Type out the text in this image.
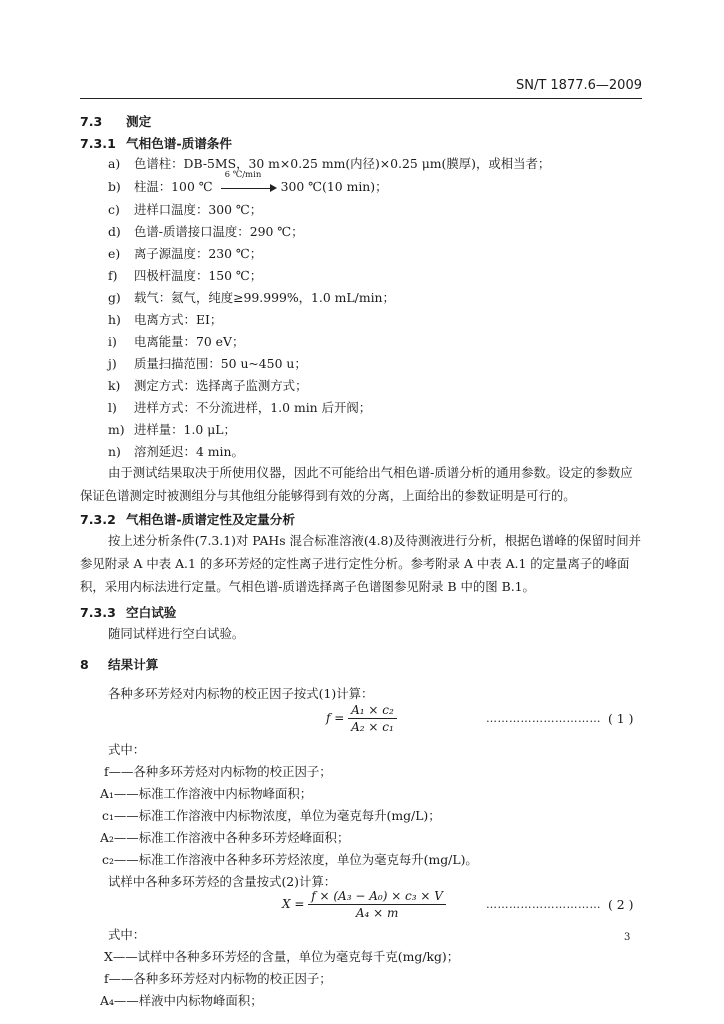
SN/T 1877.6—2009
7.3 测定
7.3.1 气相色谱-质谱条件
a) 色谱柱：DB-5MS，30 m×0.25 mm(内径)×0.25 μm(膜厚)，或相当者；
b) 柱温：100 ℃
6 ℃/min
300 ℃(10 min)；
c) 进样口温度：300 ℃；
d) 色谱-质谱接口温度：290 ℃；
e) 离子源温度：230 ℃；
f) 四极杆温度：150 ℃；
g) 载气：氦气，纯度≥99.999%，1.0 mL/min；
h) 电离方式：EI；
i) 电离能量：70 eV；
j) 质量扫描范围：50 u~450 u；
k) 测定方式：选择离子监测方式；
l) 进样方式：不分流进样，1.0 min 后开阀；
m) 进样量：1.0 μL；
n) 溶剂延迟：4 min。
由于测试结果取决于所使用仪器，因此不可能给出气相色谱-质谱分析的通用参数。设定的参数应保证色谱测定时被测组分与其他组分能够得到有效的分离，上面给出的参数证明是可行的。
7.3.2 气相色谱-质谱定性及定量分析
按上述分析条件(7.3.1)对 PAHs 混合标准溶液(4.8)及待测液进行分析，根据色谱峰的保留时间并参见附录 A 中表 A.1 的多环芳烃的定性离子进行定性分析。参考附录 A 中表 A.1 的定量离子的峰面积，采用内标法进行定量。气相色谱-质谱选择离子色谱图参见附录 B 中的图 B.1。
7.3.3 空白试验
随同试样进行空白试验。
8 结果计算
各种多环芳烃对内标物的校正因子按式(1)计算：
$f = \frac{\text{A₁ × c₂}}{\text{A₂ × c₁}}$	………………………… ( 1 )
式中：
f——各种多环芳烃对内标物的校正因子；
A₁——标准工作溶液中内标物峰面积；
c₁——标准工作溶液中内标物浓度，单位为毫克每升(mg/L)；
A₂——标准工作溶液中各种多环芳烃峰面积；
c₂——标准工作溶液中各种多环芳烃浓度，单位为毫克每升(mg/L)。
试样中各种多环芳烃的含量按式(2)计算：
$X = \frac{\text{f × (A₃ − A₀) × c₃ × V}}{\text{A₄ × m}}$	………………………… ( 2 )
式中：
X——试样中各种多环芳烃的含量，单位为毫克每千克(mg/kg)；
f——各种多环芳烃对内标物的校正因子；
A₄——样液中内标物峰面积；
3
